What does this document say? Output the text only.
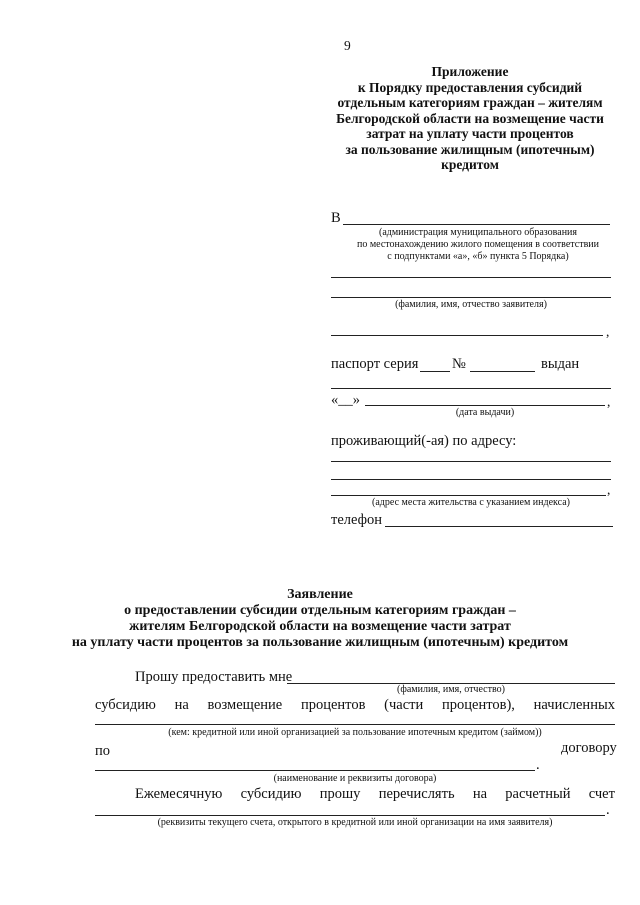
9
Приложение
к Порядку предоставления субсидий
отдельным категориям граждан – жителям
Белгородской области на возмещение части
затрат на уплату части процентов
за пользование жилищным (ипотечным)
кредитом
В
(администрация муниципального образования
по местонахождению жилого помещения в соответствии
с подпунктами «а», «б» пункта 5 Порядка)
(фамилия, имя, отчество заявителя)
,
паспорт серия №	выдан
«__»	,
(дата выдачи)
проживающий(-ая) по адресу:
,
(адрес места жительства с указанием индекса)
телефон
Заявление
о предоставлении субсидии отдельным категориям граждан –
жителям Белгородской области на возмещение части затрат
на уплату части процентов за пользование жилищным (ипотечным) кредитом
Прошу предоставить мне
(фамилия, имя, отчество)
субсидию на возмещение процентов (части процентов), начисленных
(кем: кредитной или иной организацией за пользование ипотечным кредитом (займом))
по	договору
.
(наименование и реквизиты договора)
Ежемесячную субсидию прошу перечислять на расчетный счет
.
(реквизиты текущего счета, открытого в кредитной или иной организации на имя заявителя)
